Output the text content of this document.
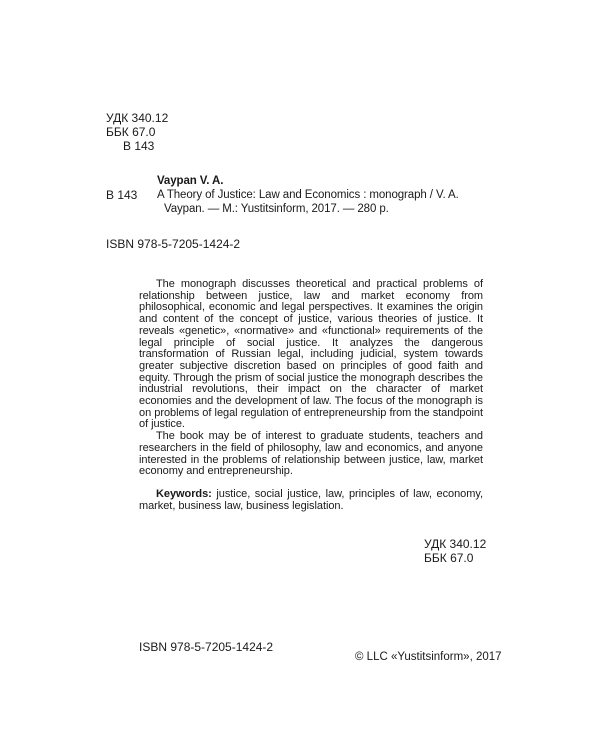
УДК 340.12
ББК 67.0
В 143
В 143
Vaypan V. A.
A Theory of Justice: Law and Economics : monograph / V. A. Vaypan. — M.: Yustitsinform, 2017. — 280 p.
ISBN 978-5-7205-1424-2

The monograph discusses theoretical and practical problems of relationship between justice, law and market economy from philosophical, economic and legal perspectives. It examines the origin and content of the concept of justice, various theories of justice. It reveals «genetic», «normative» and «functional» requirements of the legal principle of social justice. It analyzes the dangerous transformation of Russian legal, including judicial, system towards greater subjective discretion based on principles of good faith and equity. Through the prism of social justice the monograph describes the industrial revolutions, their impact on the character of market economies and the development of law. The focus of the monograph is on problems of legal regulation of entrepreneurship from the standpoint of justice.

The book may be of interest to graduate students, teachers and researchers in the field of philosophy, law and economics, and anyone interested in the problems of relationship between justice, law, market economy and entrepreneurship.

Keywords: justice, social justice, law, principles of law, economy, market, business law, business legislation.

УДК 340.12
ББК 67.0
ISBN 978-5-7205-1424-2
© LLC «Yustitsinform», 2017
